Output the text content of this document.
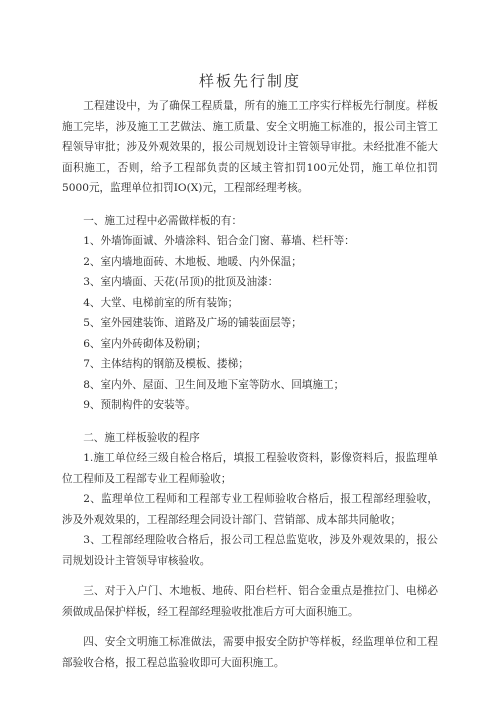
样板先行制度

工程建设中，为了确保工程质量，所有的施工工序实行样板先行制度。样板施工完毕，涉及施工工艺做法、施工质量、安全文明施工标准的，报公司主管工程领导审批；涉及外观效果的，报公司规划设计主管领导审批。未经批准不能大面积施工，否则，给予工程部负责的区域主管扣罚100元处罚，施工单位扣罚5000元，监理单位扣罚IO(X)元，工程部经理考核。

一、施工过程中必需做样板的有：

1、外墙饰面诚、外墙涂料、铝合金门窗、幕墙、栏杆等：

2、室内墙地面砖、木地板、地暖、内外保温；

3、室内墙面、天花(吊顶)的批顶及油漆：

4、大堂、电梯前室的所有装饰；

5、室外园建装饰、道路及广场的铺装面层等；

6、室内外砖砌体及粉刷；

7、主体结构的钢筋及模板、搂梯；

8、室内外、屋面、卫生间及地下室等防水、回填施工；

9、预制构件的安装等。

二、施工样板验收的程序

1.施工单位经三级自检合格后，填报工程验收资料，影像资料后，报监理单位工程师及工程部专业工程师验收；

2、监理单位工程师和工程部专业工程师验收合格后，报工程部经理验收，涉及外观效果的，工程部经理会同设计部门、营销部、成本部共同舱收；

3、工程部经理险收合格后，报公司工程总监览收，涉及外观效果的，报公司规划设计主管领导审核验收。

三、对于入户门、木地板、地砖、阳台栏杆、铝合金重点是推拉门、电梯必须做成品保护样板，经工程部经理验收批准后方可大面积施工。

四、安全文明施工标准做法，需要申报安全防护等样板，经监理单位和工程部验收合格，报工程总监验收即可大面积施工。
